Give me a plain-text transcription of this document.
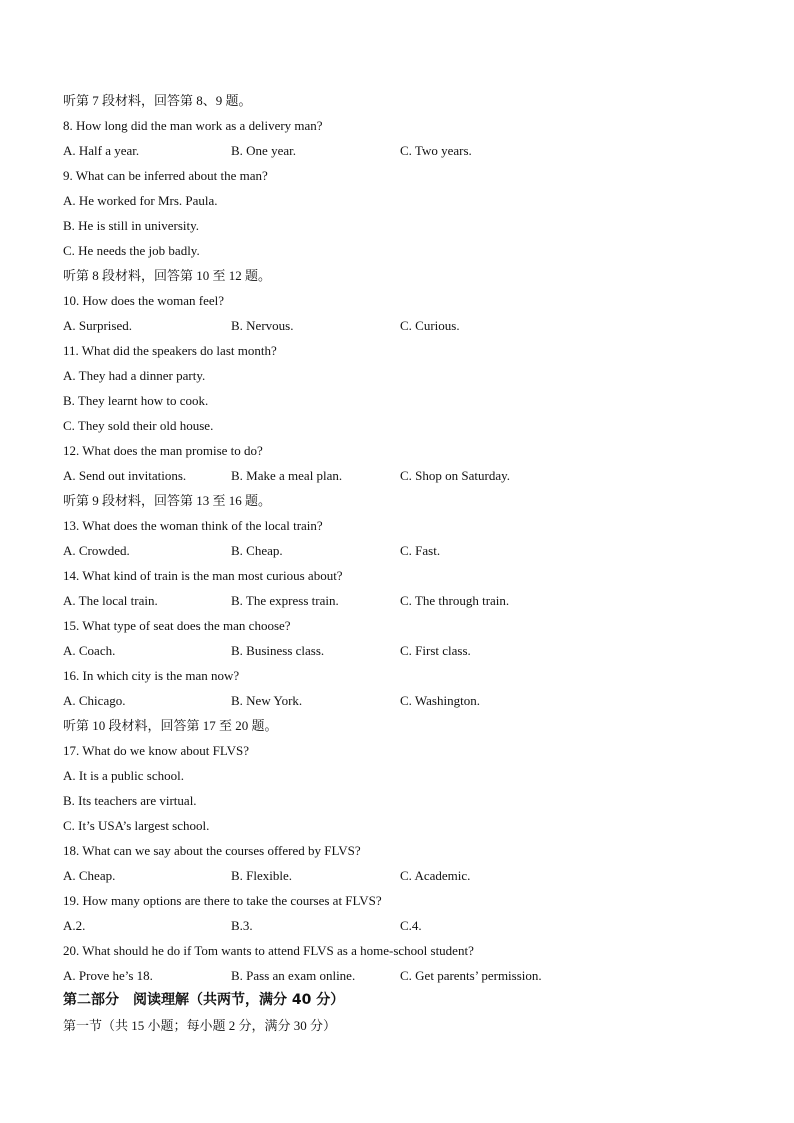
听第 7 段材料，回答第 8、9 题。
8. How long did the man work as a delivery man?
A. Half a year.	B. One year.	C. Two years.
9. What can be inferred about the man?
A. He worked for Mrs. Paula.
B. He is still in university.
C. He needs the job badly.
听第 8 段材料，回答第 10 至 12 题。
10. How does the woman feel?
A. Surprised.	B. Nervous.	C. Curious.
11. What did the speakers do last month?
A. They had a dinner party.
B. They learnt how to cook.
C. They sold their old house.
12. What does the man promise to do?
A. Send out invitations.	B. Make a meal plan.	C. Shop on Saturday.
听第 9 段材料，回答第 13 至 16 题。
13. What does the woman think of the local train?
A. Crowded.	B. Cheap.	C. Fast.
14. What kind of train is the man most curious about?
A. The local train.	B. The express train.	C. The through train.
15. What type of seat does the man choose?
A. Coach.	B. Business class.	C. First class.
16. In which city is the man now?
A. Chicago.	B. New York.	C. Washington.
听第 10 段材料，回答第 17 至 20 题。
17. What do we know about FLVS?
A. It is a public school.
B. Its teachers are virtual.
C. It’s USA’s largest school.
18. What can we say about the courses offered by FLVS?
A. Cheap.	B. Flexible.	C. Academic.
19. How many options are there to take the courses at FLVS?
A.2.	B.3.	C.4.
20. What should he do if Tom wants to attend FLVS as a home-school student?
A. Prove he’s 18.	B. Pass an exam online.	C. Get parents’ permission.
第二部分　阅读理解（共两节，满分 40 分）
第一节（共 15 小题；每小题 2 分，满分 30 分）
